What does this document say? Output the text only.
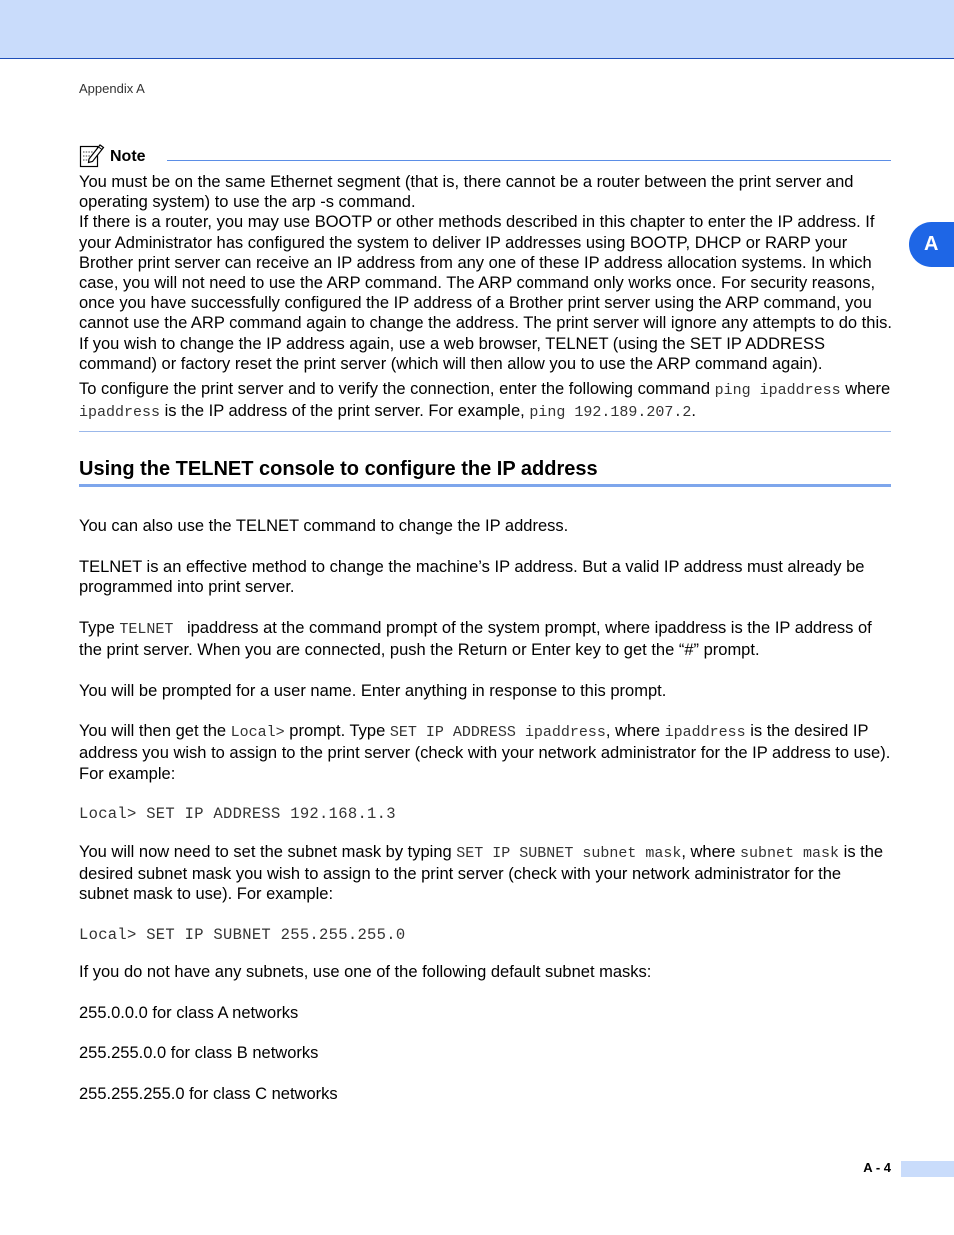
Appendix A
A
Note

You must be on the same Ethernet segment (that is, there cannot be a router between the print server and operating system) to use the arp -s command.

If there is a router, you may use BOOTP or other methods described in this chapter to enter the IP address. If your Administrator has configured the system to deliver IP addresses using BOOTP, DHCP or RARP your Brother print server can receive an IP address from any one of these IP address allocation systems. In which case, you will not need to use the ARP command. The ARP command only works once. For security reasons, once you have successfully configured the IP address of a Brother print server using the ARP command, you cannot use the ARP command again to change the address. The print server will ignore any attempts to do this. If you wish to change the IP address again, use a web browser, TELNET (using the SET IP ADDRESS command) or factory reset the print server (which will then allow you to use the ARP command again).

To configure the print server and to verify the connection, enter the following command ping ipaddress where ipaddress is the IP address of the print server. For example, ping 192.189.207.2.

Using the TELNET console to configure the IP address

You can also use the TELNET command to change the IP address.

TELNET is an effective method to change the machine’s IP address. But a valid IP address must already be programmed into print server.

Type TELNET  ipaddress at the command prompt of the system prompt, where ipaddress is the IP address of the print server. When you are connected, push the Return or Enter key to get the “#” prompt.

You will be prompted for a user name. Enter anything in response to this prompt.

You will then get the Local> prompt. Type SET IP ADDRESS ipaddress, where ipaddress is the desired IP address you wish to assign to the print server (check with your network administrator for the IP address to use). For example:

Local> SET IP ADDRESS 192.168.1.3

You will now need to set the subnet mask by typing SET IP SUBNET subnet mask, where subnet mask is the desired subnet mask you wish to assign to the print server (check with your network administrator for the subnet mask to use). For example:

Local> SET IP SUBNET 255.255.255.0

If you do not have any subnets, use one of the following default subnet masks:

255.0.0.0 for class A networks

255.255.0.0 for class B networks

255.255.255.0 for class C networks

A - 4
